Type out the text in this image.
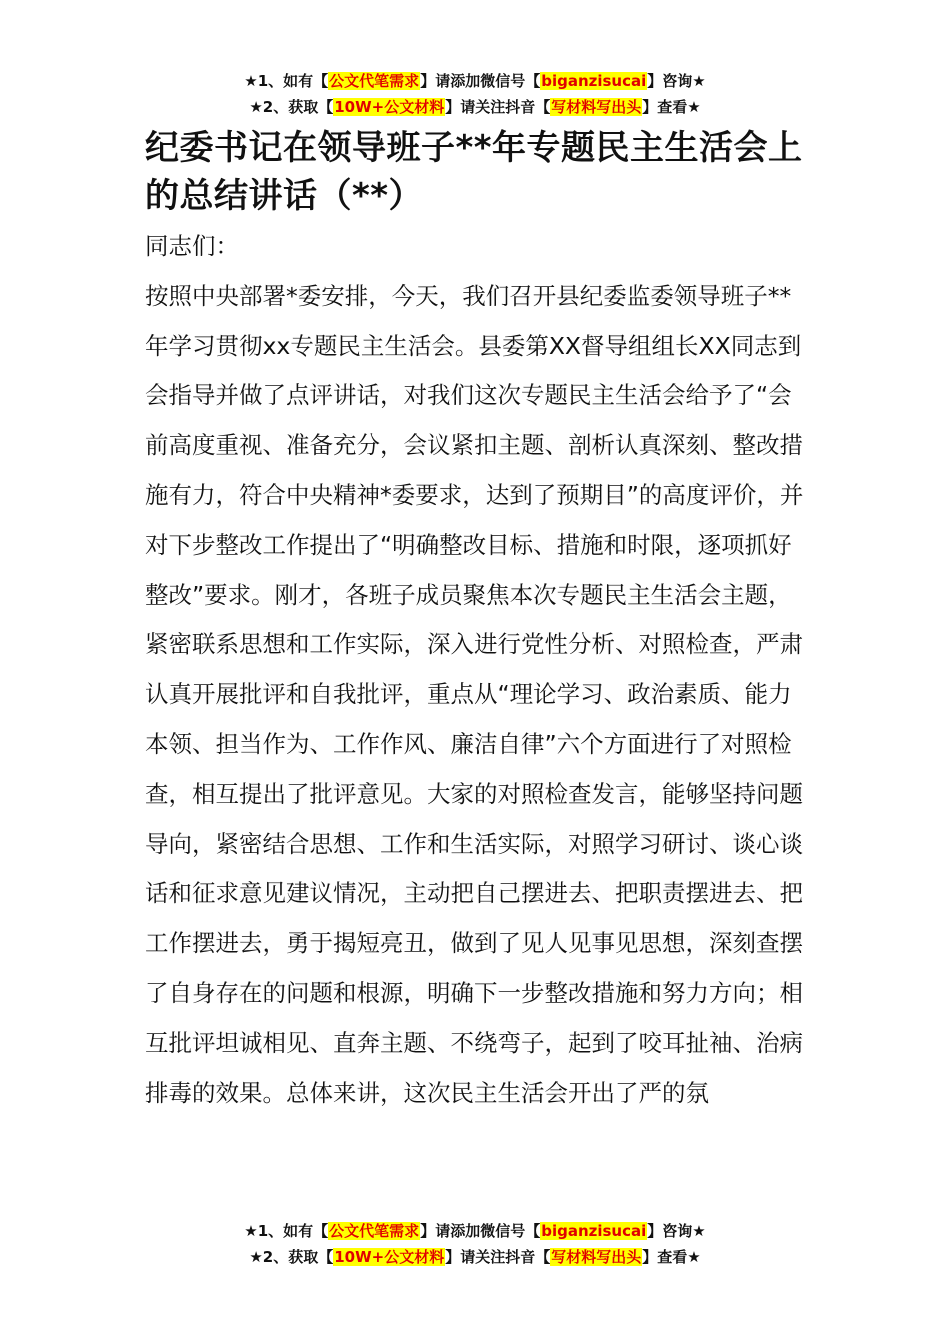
★1、如有【公文代笔需求】请添加微信号【biganzisucai】咨询★
★2、获取【10W+公文材料】请关注抖音【写材料写出头】查看★
纪委书记在领导班子**年专题民主生活会上的总结讲话（**）

同志们：

按照中央部署*委安排，今天，我们召开县纪委监委领导班子**年学习贯彻xx专题民主生活会。县委第XX督导组组长XX同志到会指导并做了点评讲话，对我们这次专题民主生活会给予了“会前高度重视、准备充分，会议紧扣主题、剖析认真深刻、整改措施有力，符合中央精神*委要求，达到了预期目”的高度评价，并对下步整改工作提出了“明确整改目标、措施和时限，逐项抓好整改”要求。刚才，各班子成员聚焦本次专题民主生活会主题，紧密联系思想和工作实际，深入进行党性分析、对照检查，严肃认真开展批评和自我批评，重点从“理论学习、政治素质、能力本领、担当作为、工作作风、廉洁自律”六个方面进行了对照检查，相互提出了批评意见。大家的对照检查发言，能够坚持问题导向，紧密结合思想、工作和生活实际，对照学习研讨、谈心谈话和征求意见建议情况，主动把自己摆进去、把职责摆进去、把工作摆进去，勇于揭短亮丑，做到了见人见事见思想，深刻查摆了自身存在的问题和根源，明确下一步整改措施和努力方向；相互批评坦诚相见、直奔主题、不绕弯子，起到了咬耳扯袖、治病排毒的效果。总体来讲，这次民主生活会开出了严的氛

★1、如有【公文代笔需求】请添加微信号【biganzisucai】咨询★
★2、获取【10W+公文材料】请关注抖音【写材料写出头】查看★
